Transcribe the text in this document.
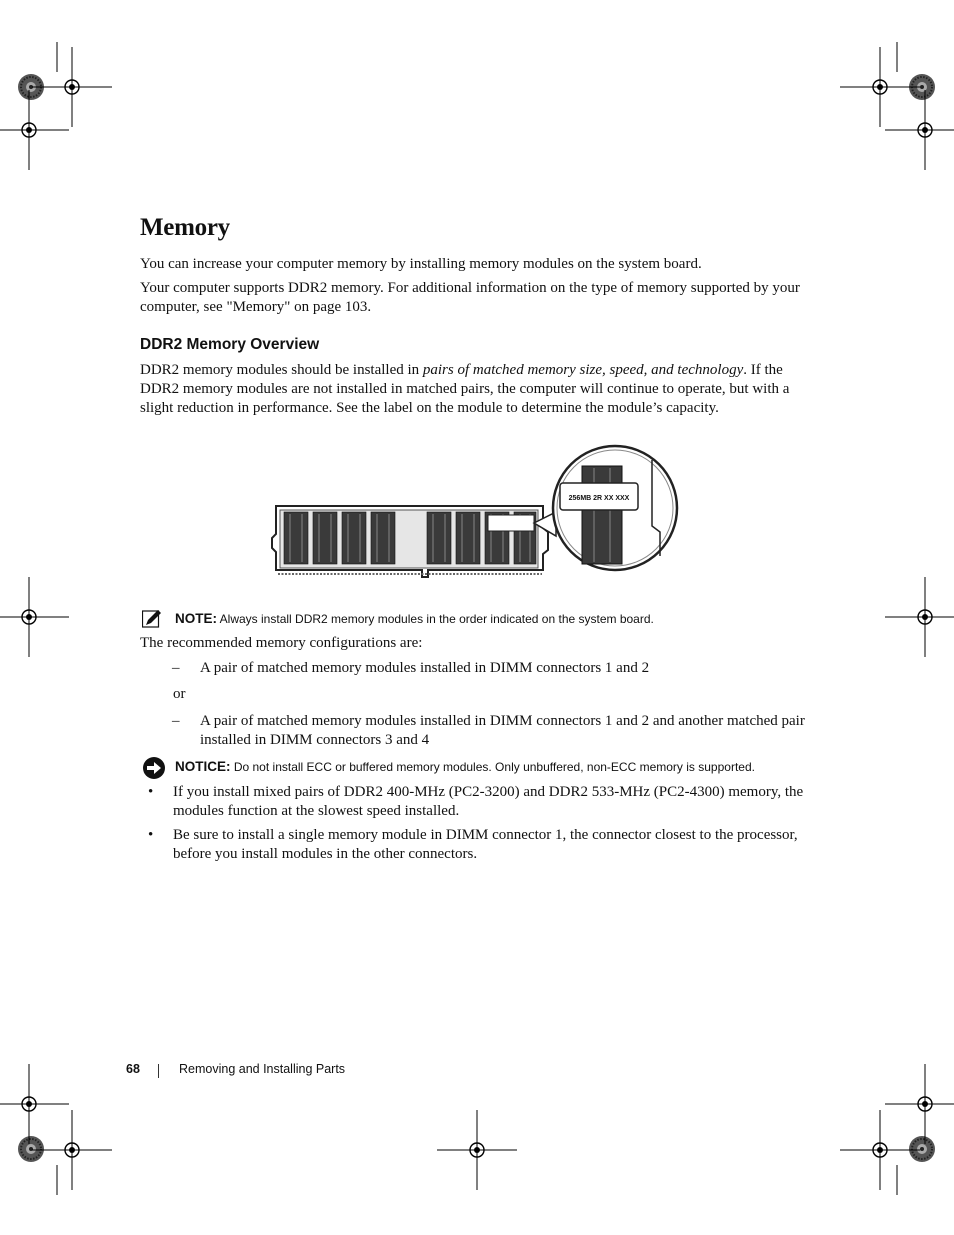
Memory
You can increase your computer memory by installing memory modules on the system board.
Your computer supports DDR2 memory. For additional information on the type of memory supported by your computer, see "Memory" on page 103.
DDR2 Memory Overview
DDR2 memory modules should be installed in pairs of matched memory size, speed, and technology. If the DDR2 memory modules are not installed in matched pairs, the computer will continue to operate, but with a slight reduction in performance. See the label on the module to determine the module’s capacity.
256MB 2R XX XXX
NOTE: Always install DDR2 memory modules in the order indicated on the system board.
The recommended memory configurations are:
– A pair of matched memory modules installed in DIMM connectors 1 and 2
or
– A pair of matched memory modules installed in DIMM connectors 1 and 2 and another matched pair installed in DIMM connectors 3 and 4
NOTICE: Do not install ECC or buffered memory modules. Only unbuffered, non-ECC memory is supported.
• If you install mixed pairs of DDR2 400-MHz (PC2-3200) and DDR2 533-MHz (PC2-4300) memory, the modules function at the slowest speed installed.
• Be sure to install a single memory module in DIMM connector 1, the connector closest to the processor, before you install modules in the other connectors.
68	Removing and Installing Parts
